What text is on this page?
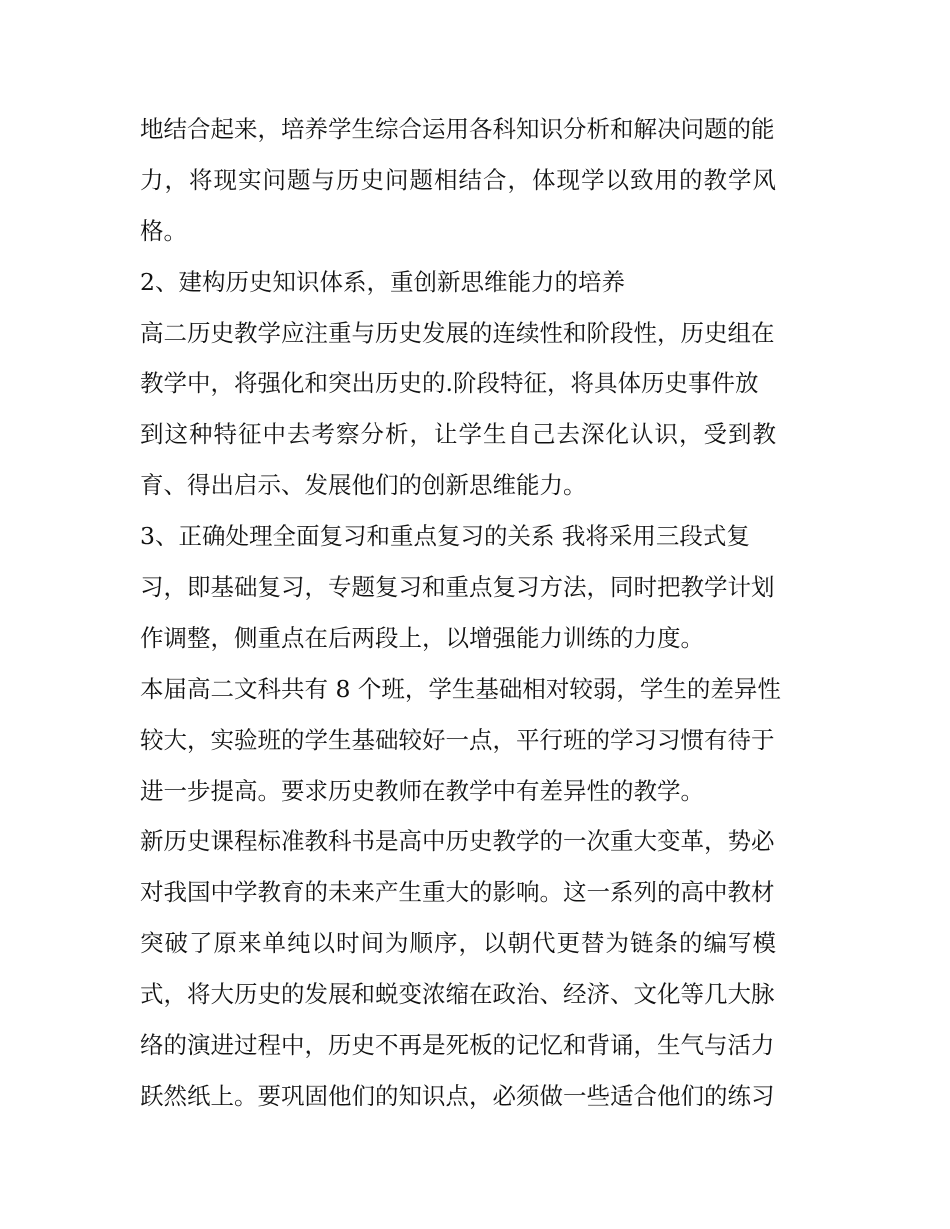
地结合起来，培养学生综合运用各科知识分析和解决问题的能
力，将现实问题与历史问题相结合，体现学以致用的教学风
格。
2、建构历史知识体系，重创新思维能力的培养
高二历史教学应注重与历史发展的连续性和阶段性，历史组在
教学中，将强化和突出历史的.阶段特征，将具体历史事件放
到这种特征中去考察分析，让学生自己去深化认识，受到教
育、得出启示、发展他们的创新思维能力。
3、正确处理全面复习和重点复习的关系 我将采用三段式复
习，即基础复习，专题复习和重点复习方法，同时把教学计划
作调整，侧重点在后两段上，以增强能力训练的力度。
本届高二文科共有 8 个班，学生基础相对较弱，学生的差异性
较大，实验班的学生基础较好一点，平行班的学习习惯有待于
进一步提高。要求历史教师在教学中有差异性的教学。
新历史课程标准教科书是高中历史教学的一次重大变革，势必
对我国中学教育的未来产生重大的影响。这一系列的高中教材
突破了原来单纯以时间为顺序，以朝代更替为链条的编写模
式，将大历史的发展和蜕变浓缩在政治、经济、文化等几大脉
络的演进过程中，历史不再是死板的记忆和背诵，生气与活力
跃然纸上。要巩固他们的知识点，必须做一些适合他们的练习
